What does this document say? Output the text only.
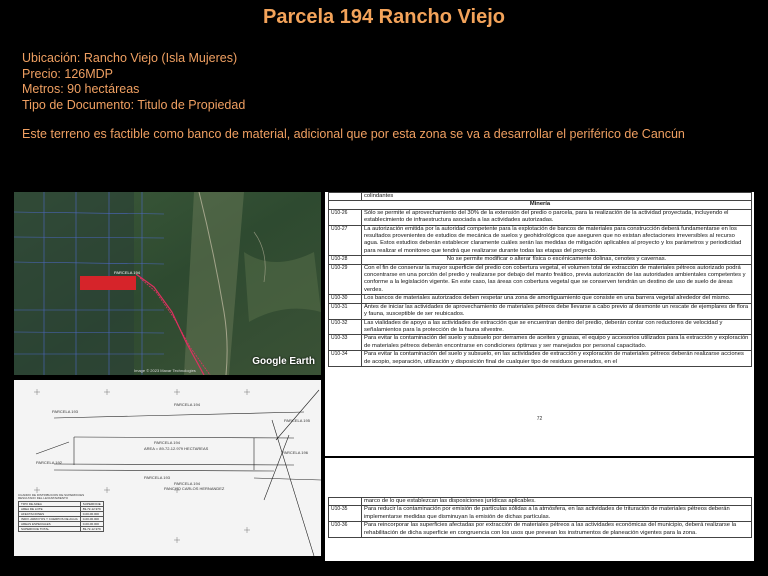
Parcela 194 Rancho Viejo
Ubicación: Rancho Viejo (Isla Mujeres)
Precio: 126MDP
Metros: 90 hectáreas
Tipo de Documento: Titulo de Propiedad
Este terreno es factible como banco de material, adicional que por esta zona se va a desarrollar el periférico de Cancún
PARCELA 194
Google Earth
Image © 2023 Maxar Technologies
PARCELA 193
PARCELA 192
PARCELA 194
PARCELA 195
PARCELA 196
PARCELA 194
AREA = 89-72-12.979 HECTAREAS
PARCELA 193
PARCELA 194
PANCHO CARLOS HERNANDEZ
CUADRO DE DISTRIBUCION DE SUPERFICIES RESULTADO DEL LEVANTAMIENTO
TIPO DE AREA	SUPERFICIE
AREA DE LOTE	89-72-12.979
AFECTACIONES	0-00-00.000
INDIV. ARROYOS Y CUERPOS DE AGUA	0-00-00.000
AREAS ESPECIALES	0-00-00.000
SUPERFICIE TOTAL	89-72-12.979
	colindantes
Minería	
U10-26	Sólo se permite el aprovechamiento del 30% de la extensión del predio o parcela, para la realización de la actividad proyectada, incluyendo el establecimiento de infraestructura asociada a las actividades autorizadas.
U10-27	La autorización emitida por la autoridad competente para la explotación de bancos de materiales para construcción deberá fundamentarse en los resultados provenientes de estudios de mecánica de suelos y geohidrológicos que aseguren que no existan afectaciones irreversibles al recurso agua. Estos estudios deberán establecer claramente cuáles serán las medidas de mitigación aplicables al proyecto y los parámetros y periodicidad para realizar el monitoreo que tendrá que realizarse durante todas las etapas del proyecto.
U10-28	No se permite modificar o alterar física o escénicamente dolinas, cenotes y cavernas.
U10-29	Con el fin de conservar la mayor superficie del predio con cobertura vegetal, el volumen total de extracción de materiales pétreos autorizado podrá concentrarse en una porción del predio y realizarse por debajo del manto freático, previa autorización de las autoridades ambientales competentes y conforme a la legislación vigente. En este caso, las áreas con cobertura vegetal que se conserven tendrán un destino de uso de suelo de áreas verdes.
U10-30	Los bancos de materiales autorizados deben respetar una zona de amortiguamiento que consiste en una barrera vegetal alrededor del mismo.
U10-31	Antes de iniciar las actividades de aprovechamiento de materiales pétreos debe llevarse a cabo previo al desmonte un rescate de ejemplares de flora y fauna, susceptible de ser reubicados.
U10-32	Las vialidades de apoyo a las actividades de extracción que se encuentran dentro del predio, deberán contar con reductores de velocidad y señalamientos para la protección de la fauna silvestre.
U10-33	Para evitar la contaminación del suelo y subsuelo por derrames de aceites y grasas, el equipo y accesorios utilizados para la extracción y exploración de materiales pétreos deberán encontrarse en condiciones óptimas y ser manejados por personal capacitado.
U10-34	Para evitar la contaminación del suelo y subsuelo, en las actividades de extracción y exploración de materiales pétreos deberán realizarse acciones de acopio, separación, utilización y disposición final de cualquier tipo de residuos generados, en el
72
	marco de lo que establezcan las disposiciones jurídicas aplicables.
U10-35	Para reducir la contaminación por emisión de partículas sólidas a la atmósfera, en las actividades de trituración de materiales pétreos deberán implementarse medidas que disminuyan la emisión de dichas partículas.
U10-36	Para reincorporar las superficies afectadas por extracción de materiales pétreos a las actividades económicas del municipio, deberá realizarse la rehabilitación de dicha superficie en congruencia con los usos que prevean los instrumentos de planeación vigentes para la zona.
